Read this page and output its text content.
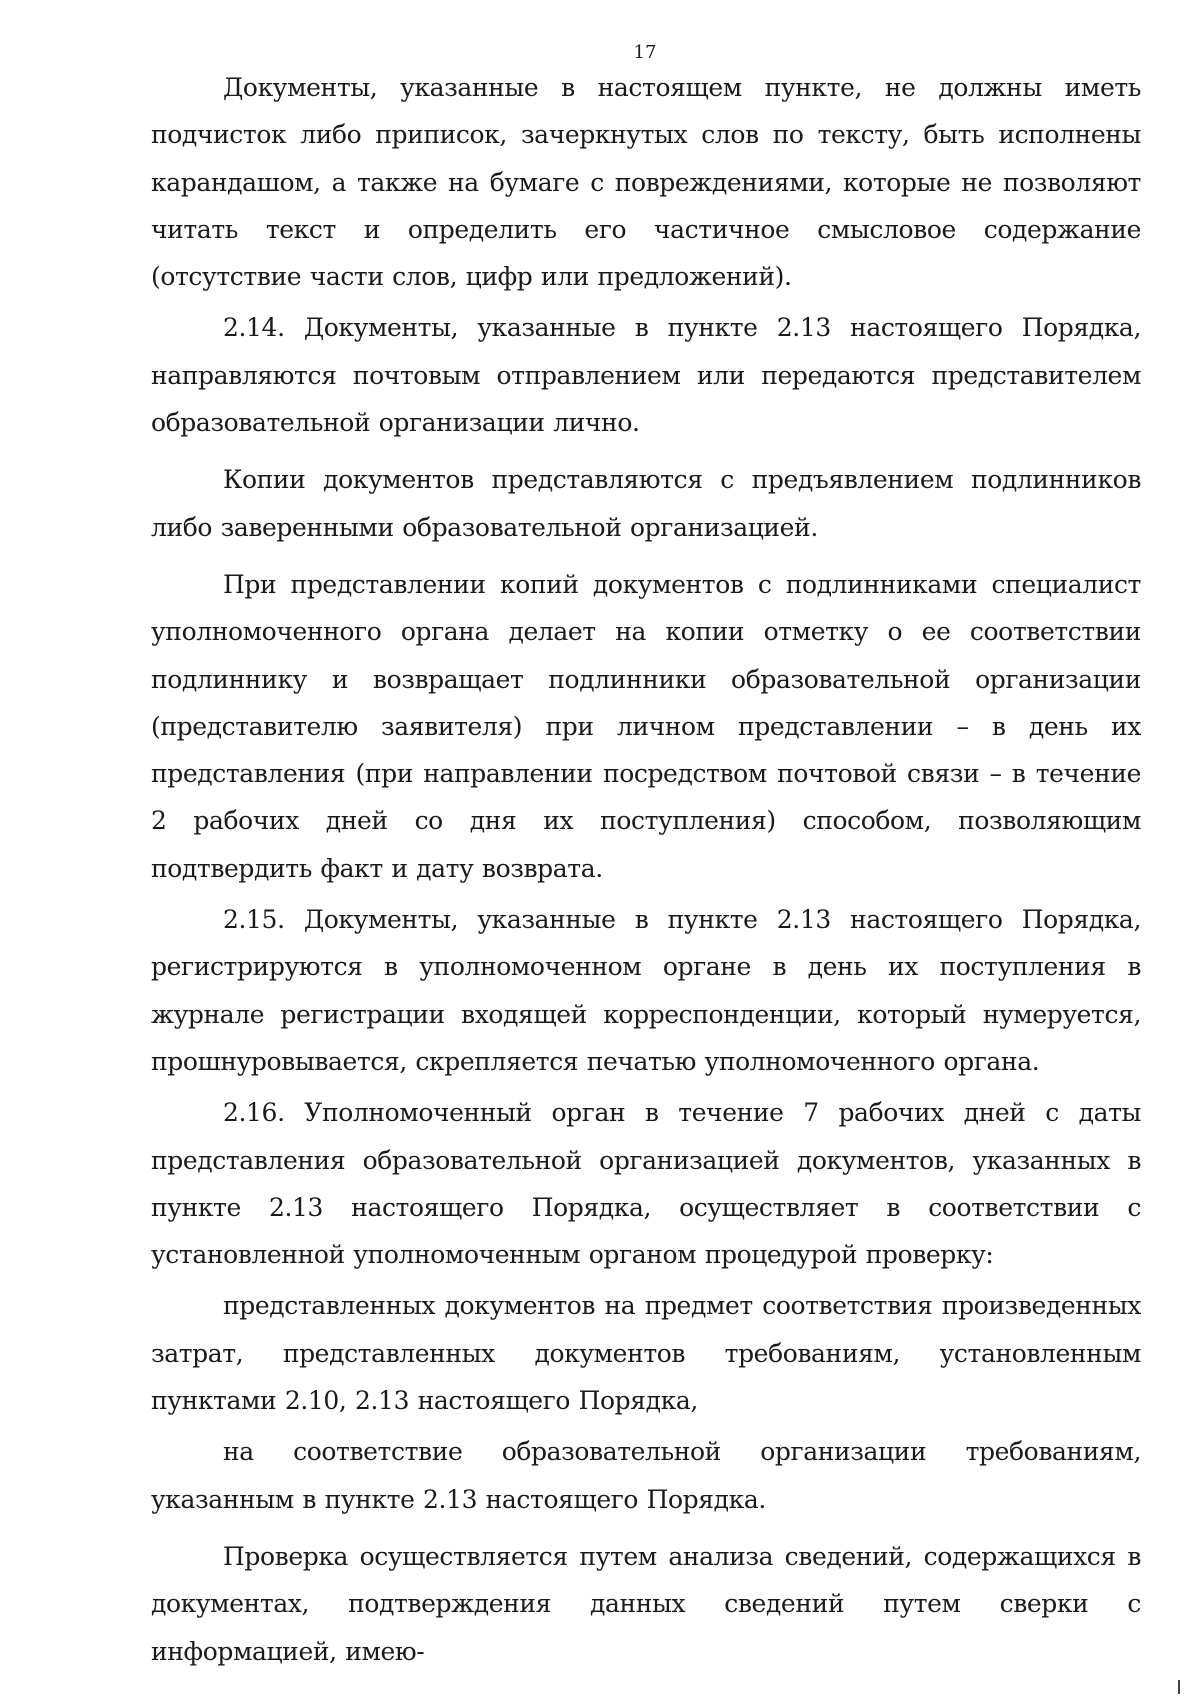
17

Документы, указанные в настоящем пункте, не должны иметь подчисток либо приписок, зачеркнутых слов по тексту, быть исполнены карандашом, а также на бумаге с повреждениями, которые не позволяют читать текст и определить его частичное смысловое содержание (отсутствие части слов, цифр или предложений).

2.14. Документы, указанные в пункте 2.13 настоящего Порядка, направляются почтовым отправлением или передаются представителем образовательной организации лично.

Копии документов представляются с предъявлением подлинников либо заверенными образовательной организацией.

При представлении копий документов с подлинниками специалист уполномоченного органа делает на копии отметку о ее соответствии подлиннику и возвращает подлинники образовательной организации (представителю заявителя) при личном представлении – в день их представления (при направлении посредством почтовой связи – в течение 2 рабочих дней со дня их поступления) способом, позволяющим подтвердить факт и дату возврата.

2.15. Документы, указанные в пункте 2.13 настоящего Порядка, регистрируются в уполномоченном органе в день их поступления в журнале регистрации входящей корреспонденции, который нумеруется, прошнуровывается, скрепляется печатью уполномоченного органа.

2.16. Уполномоченный орган в течение 7 рабочих дней с даты представления образовательной организацией документов, указанных в пункте 2.13 настоящего Порядка, осуществляет в соответствии с установленной уполномоченным органом процедурой проверку:

представленных документов на предмет соответствия произведенных затрат, представленных документов требованиям, установленным пунктами 2.10, 2.13 настоящего Порядка,

на соответствие образовательной организации требованиям, указанным в пункте 2.13 настоящего Порядка.

Проверка осуществляется путем анализа сведений, содержащихся в документах, подтверждения данных сведений путем сверки с информацией, имею-
